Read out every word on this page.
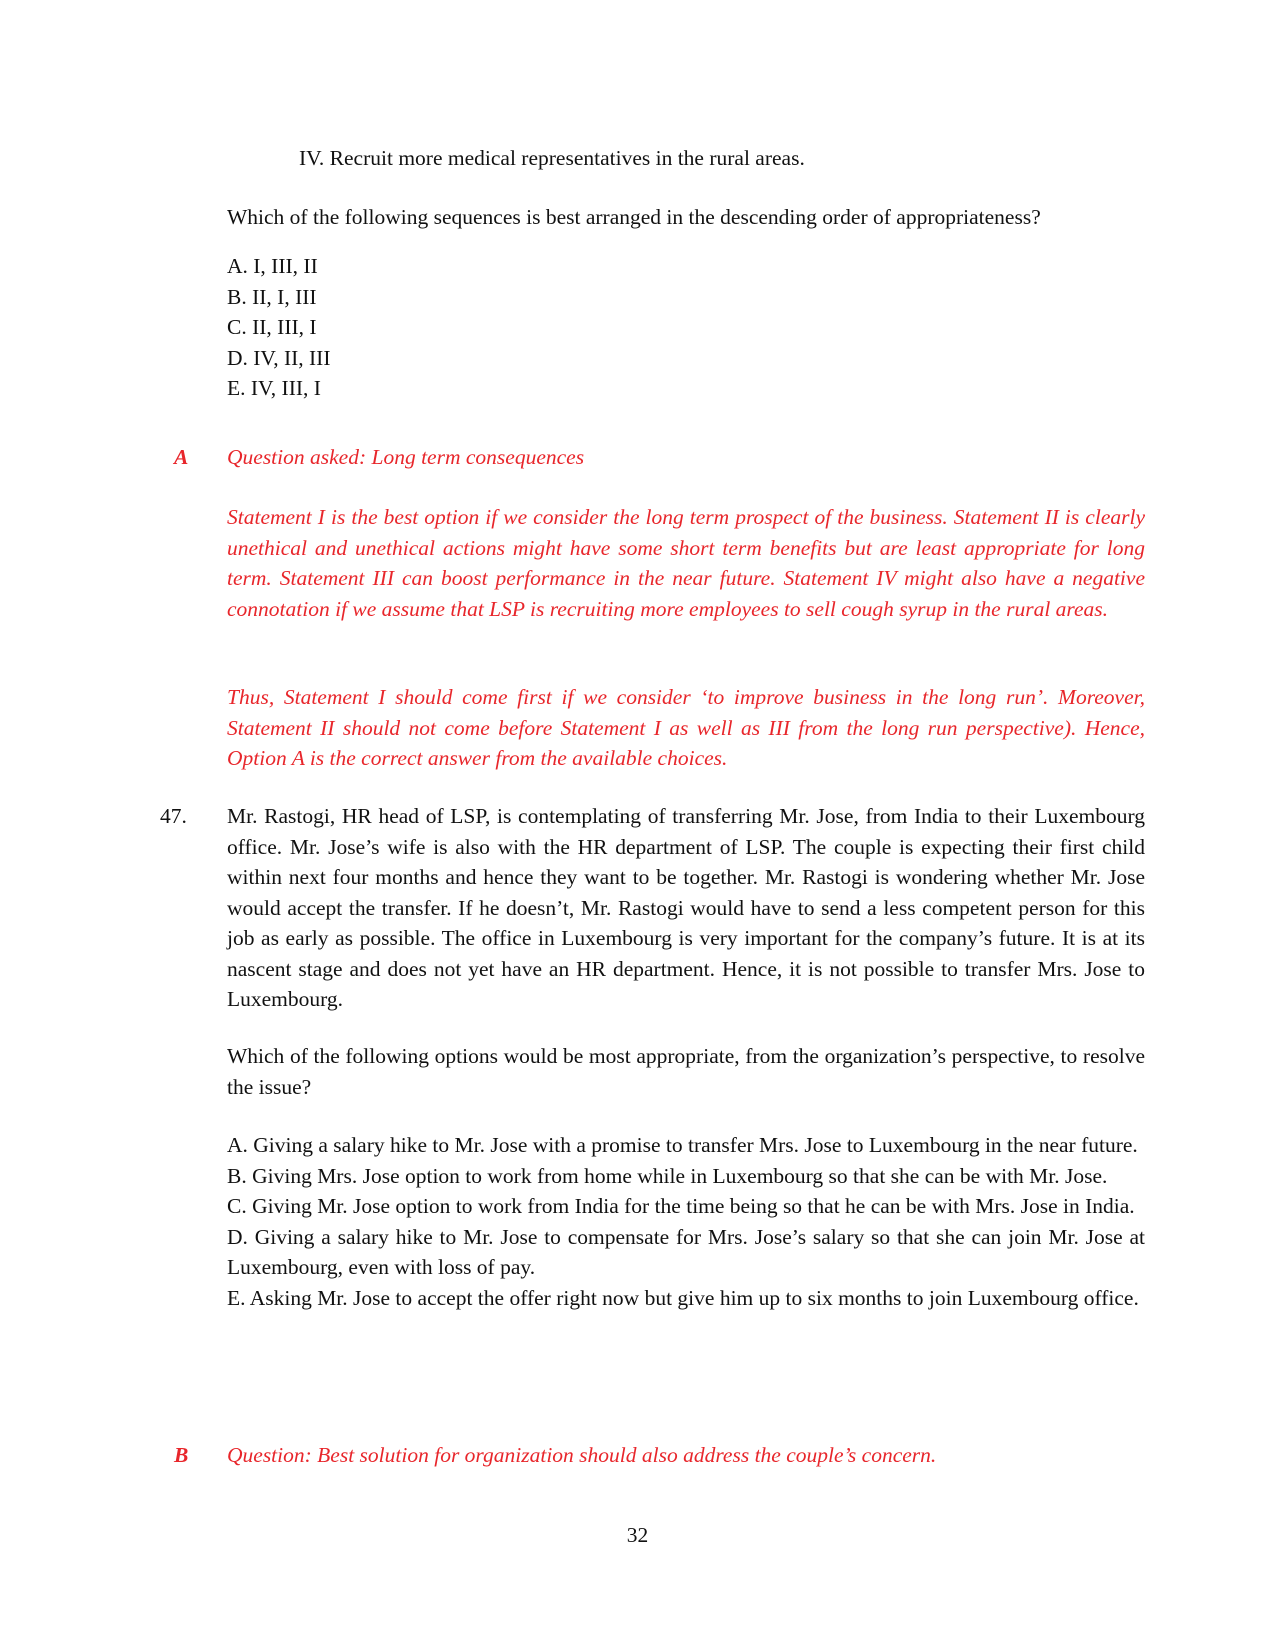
IV. Recruit more medical representatives in the rural areas.
Which of the following sequences is best arranged in the descending order of appropriateness?
A. I, III, II
B. II, I, III
C. II, III, I
D. IV, II, III
E. IV, III, I
A Question asked: Long term consequences
Statement I is the best option if we consider the long term prospect of the business. Statement II is clearly unethical and unethical actions might have some short term benefits but are least appropriate for long term. Statement III can boost performance in the near future. Statement IV might also have a negative connotation if we assume that LSP is recruiting more employees to sell cough syrup in the rural areas.
Thus, Statement I should come first if we consider ‘to improve business in the long run’. Moreover, Statement II should not come before Statement I as well as III from the long run perspective). Hence, Option A is the correct answer from the available choices.
47. Mr. Rastogi, HR head of LSP, is contemplating of transferring Mr. Jose, from India to their Luxembourg office. Mr. Jose’s wife is also with the HR department of LSP. The couple is expecting their first child within next four months and hence they want to be together. Mr. Rastogi is wondering whether Mr. Jose would accept the transfer. If he doesn’t, Mr. Rastogi would have to send a less competent person for this job as early as possible. The office in Luxembourg is very important for the company’s future. It is at its nascent stage and does not yet have an HR department. Hence, it is not possible to transfer Mrs. Jose to Luxembourg.
Which of the following options would be most appropriate, from the organization’s perspective, to resolve the issue?
A. Giving a salary hike to Mr. Jose with a promise to transfer Mrs. Jose to Luxembourg in the near future.
B. Giving Mrs. Jose option to work from home while in Luxembourg so that she can be with Mr. Jose.
C. Giving Mr. Jose option to work from India for the time being so that he can be with Mrs. Jose in India.
D. Giving a salary hike to Mr. Jose to compensate for Mrs. Jose’s salary so that she can join Mr. Jose at Luxembourg, even with loss of pay.
E. Asking Mr. Jose to accept the offer right now but give him up to six months to join Luxembourg office.
B Question: Best solution for organization should also address the couple’s concern.
32
